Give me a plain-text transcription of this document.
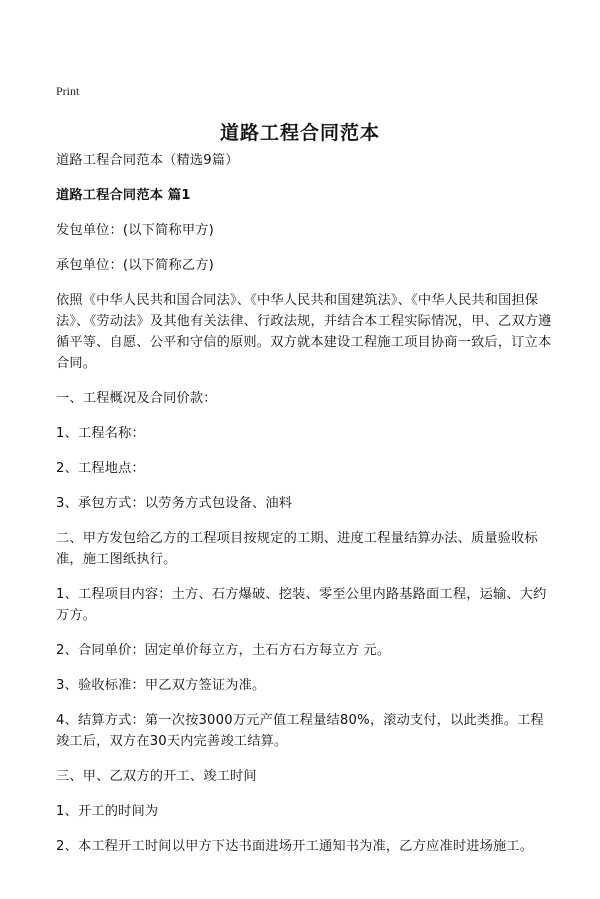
Print
道路工程合同范本

道路工程合同范本（精选9篇）

道路工程合同范本 篇1

发包单位：(以下简称甲方)

承包单位：(以下简称乙方)

依照《中华人民共和国合同法》、《中华人民共和国建筑法》、《中华人民共和国担保法》、《劳动法》及其他有关法律、行政法规，并结合本工程实际情况，甲、乙双方遵循平等、自愿、公平和守信的原则。双方就本建设工程施工项目协商一致后，订立本合同。

一、工程概况及合同价款：

1、工程名称：

2、工程地点：

3、承包方式：以劳务方式包设备、油料

二、甲方发包给乙方的工程项目按规定的工期、进度工程量结算办法、质量验收标准，施工图纸执行。

1、工程项目内容：土方、石方爆破、挖装、零至公里内路基路面工程，运输、大约 万方。

2、合同单价：固定单价每立方，土石方石方每立方 元。

3、验收标准：甲乙双方签证为准。

4、结算方式：第一次按3000万元产值工程量结80%，滚动支付，以此类推。工程竣工后，双方在30天内完善竣工结算。

三、甲、乙双方的开工、竣工时间

1、开工的时间为

2、本工程开工时间以甲方下达书面进场开工通知书为准，乙方应准时进场施工。
